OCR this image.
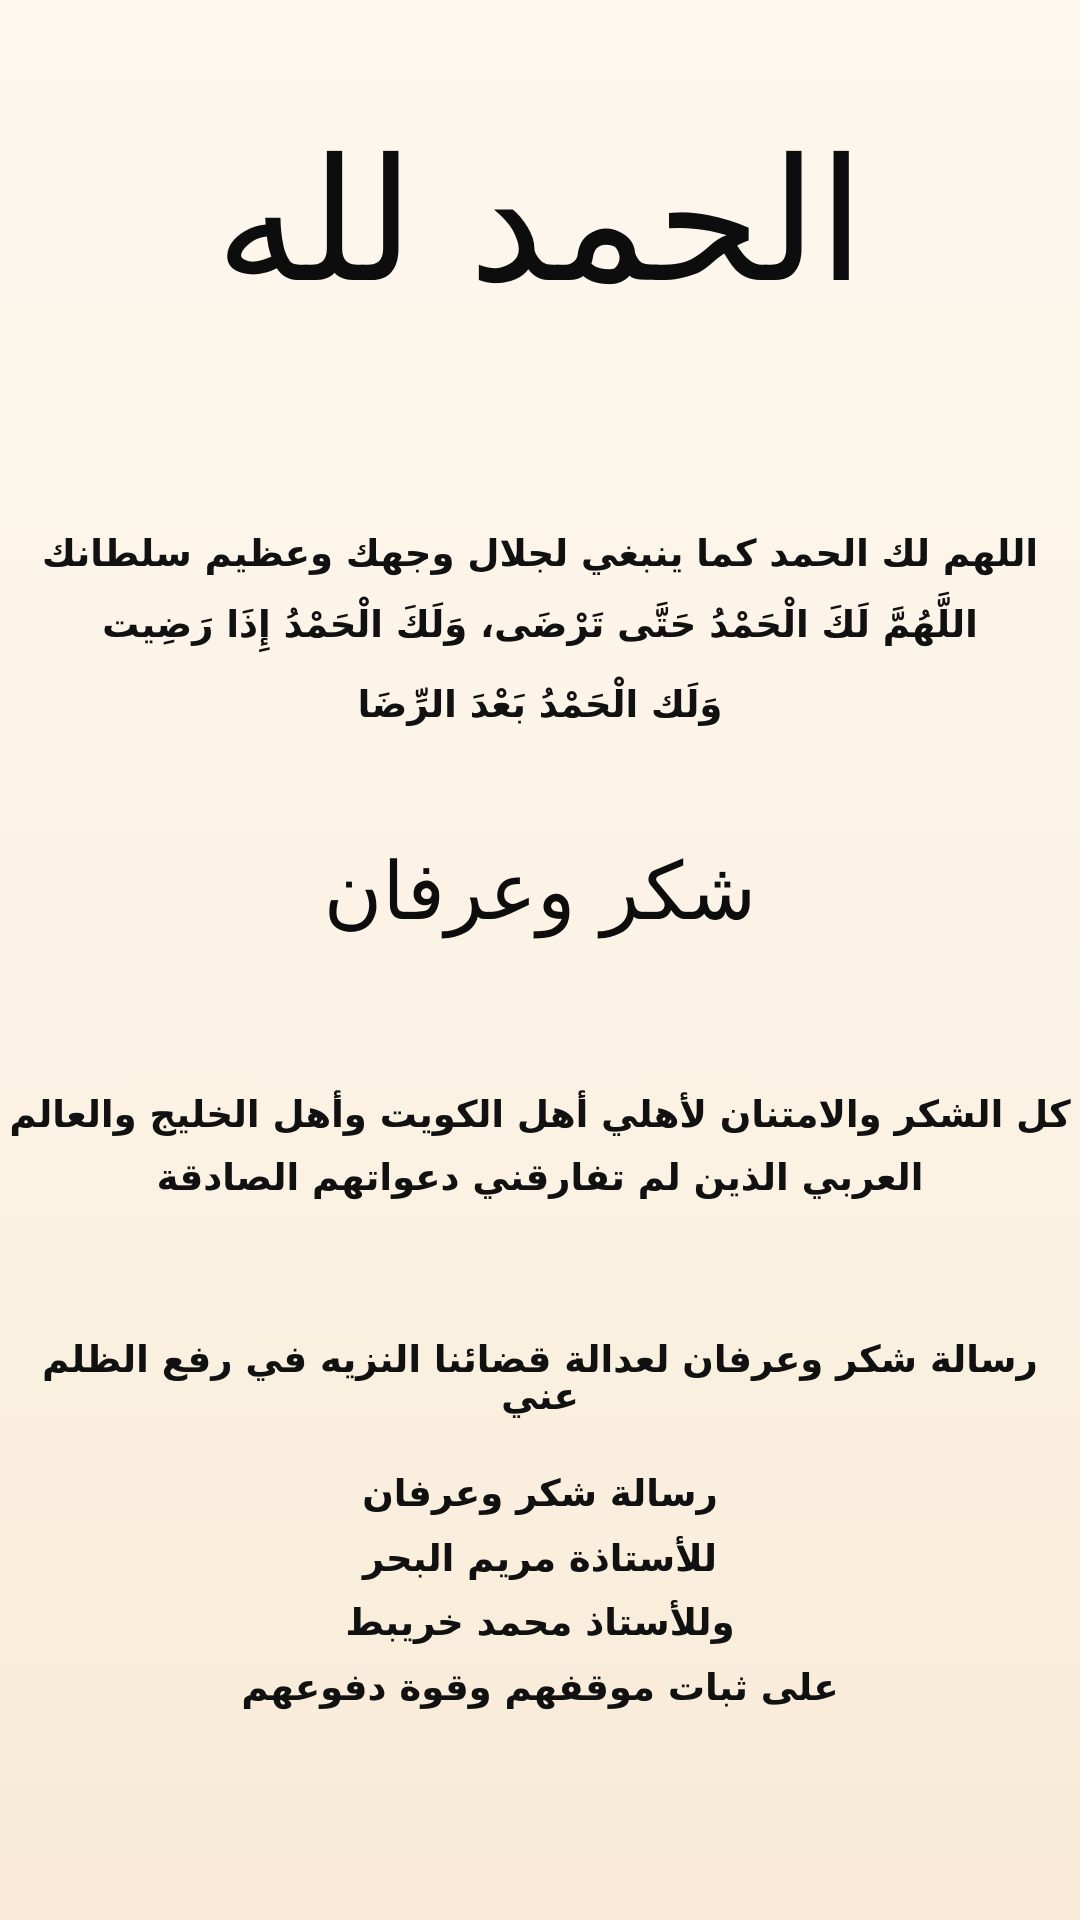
الحمد لله
اللهم لك الحمد كما ينبغي لجلال وجهك وعظيم سلطانك
اللَّهُمَّ لَكَ الْحَمْدُ حَتَّى تَرْضَى، وَلَكَ الْحَمْدُ إِذَا رَضِيت
وَلَك الْحَمْدُ بَعْدَ الرِّضَا
شكر وعرفان
كل الشكر والامتنان لأهلي أهل الكويت وأهل الخليج والعالم
العربي الذين لم تفارقني دعواتهم الصادقة
رسالة شكر وعرفان لعدالة قضائنا النزيه في رفع الظلم عني
رسالة شكر وعرفان
للأستاذة مريم البحر
وللأستاذ محمد خريبط
على ثبات موقفهم وقوة دفوعهم
